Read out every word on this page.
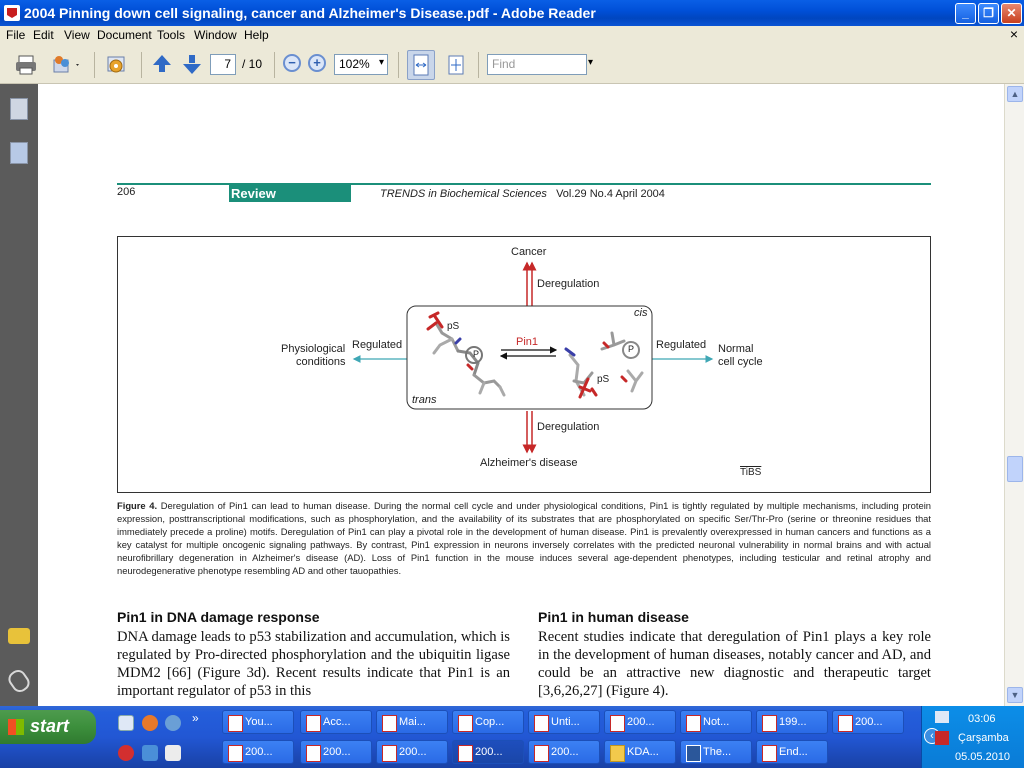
2004 Pinning down cell signaling, cancer and Alzheimer's Disease.pdf - Adobe Reader	_	❐	✕
File Edit View Document Tools Window Help	×
7 / 10	−	+	102% ▾	Find	▾
206	Review	TRENDS in Biochemical Sciences Vol.29 No.4 April 2004
Cancer
Deregulation
Deregulation
Alzheimer's disease
Physiological
conditions
Regulated	Regulated Normal
cell cycle
Pin1
cis
trans
pS
pS
P	P
TiBS
Figure 4. Deregulation of Pin1 can lead to human disease. During the normal cell cycle and under physiological conditions, Pin1 is tightly regulated by multiple mechanisms, including protein expression, posttranscriptional modifications, such as phosphorylation, and the availability of its substrates that are phosphorylated on specific Ser/Thr-Pro (serine or threonine residues that immediately precede a proline) motifs. Deregulation of Pin1 can play a pivotal role in the development of human disease. Pin1 is prevalently overexpressed in human cancers and functions as a key catalyst for multiple oncogenic signaling pathways. By contrast, Pin1 expression in neurons inversely correlates with the predicted neuronal vulnerability in normal brains and with actual neurofibrillary degeneration in Alzheimer's disease (AD). Loss of Pin1 function in the mouse induces several age-dependent phenotypes, including testicular and retinal atrophy and neurodegenerative phenotype resembling AD and other tauopathies.
Pin1 in DNA damage response

DNA damage leads to p53 stabilization and accumulation, which is regulated by Pro-directed phosphorylation and the ubiquitin ligase MDM2 [66] (Figure 3d). Recent results indicate that Pin1 is an important regulator of p53 in this

Pin1 in human disease

Recent studies indicate that deregulation of Pin1 plays a key role in the development of human diseases, notably cancer and AD, and could be an attractive new diagnostic and therapeutic target [3,6,26,27] (Figure 4).

▲
▼
start	»	You...	Acc...	Mai...	Cop...	Unti...	200...	Not...	199...	200...
200...	200...	200...	200...	200...	KDA...	The...	End...
‹
03:06
Çarşamba
05.05.2010
